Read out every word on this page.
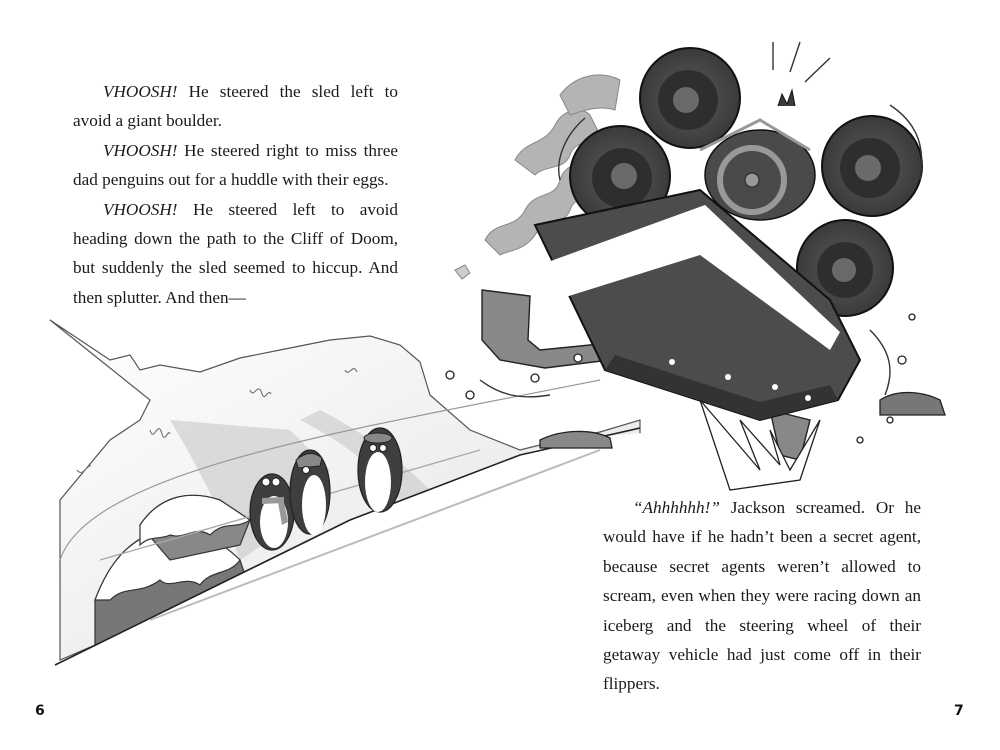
VHOOSH! He steered the sled left to avoid a giant boulder.

VHOOSH! He steered right to miss three dad penguins out for a huddle with their eggs.

VHOOSH! He steered left to avoid heading down the path to the Cliff of Doom, but suddenly the sled seemed to hiccup. And then splutter. And then—

“Ahhhhhh!” Jackson screamed. Or he would have if he hadn’t been a secret agent, because secret agents weren’t allowed to scream, even when they were racing down an iceberg and the steering wheel of their getaway vehicle had just come off in their flippers.

6	7
